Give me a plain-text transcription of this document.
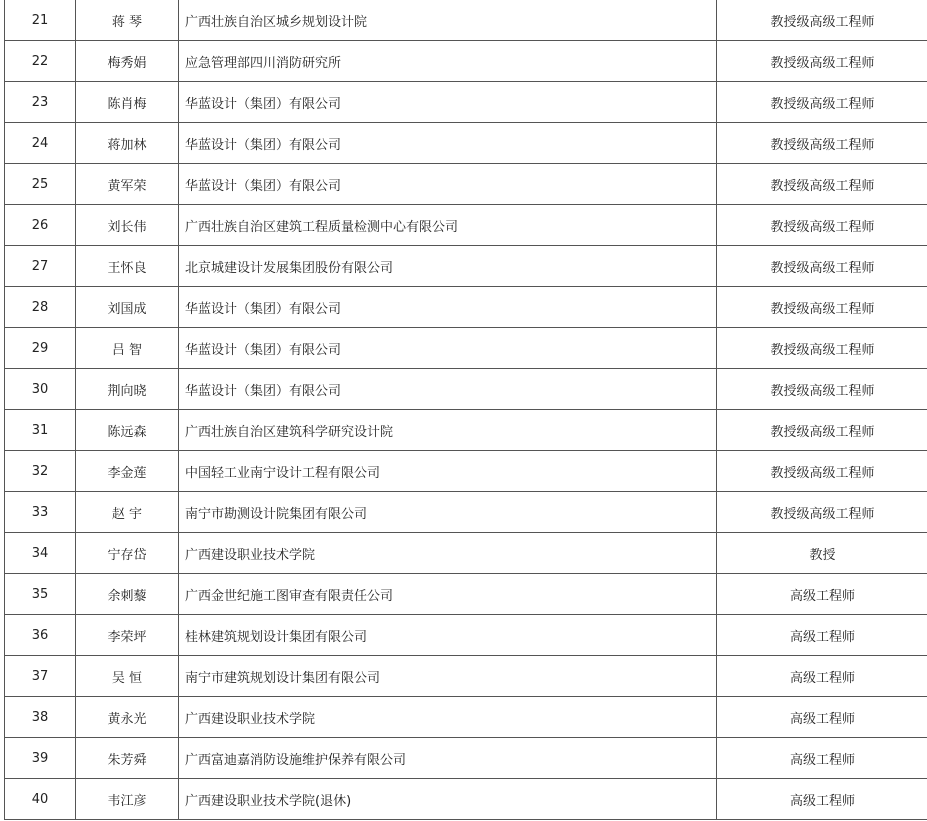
21	蒋 琴	广西壮族自治区城乡规划设计院	教授级高级工程师
22	梅秀娟	应急管理部四川消防研究所	教授级高级工程师
23	陈肖梅	华蓝设计（集团）有限公司	教授级高级工程师
24	蒋加林	华蓝设计（集团）有限公司	教授级高级工程师
25	黄军荣	华蓝设计（集团）有限公司	教授级高级工程师
26	刘长伟	广西壮族自治区建筑工程质量检测中心有限公司	教授级高级工程师
27	王怀良	北京城建设计发展集团股份有限公司	教授级高级工程师
28	刘国成	华蓝设计（集团）有限公司	教授级高级工程师
29	吕 智	华蓝设计（集团）有限公司	教授级高级工程师
30	荆向晓	华蓝设计（集团）有限公司	教授级高级工程师
31	陈远森	广西壮族自治区建筑科学研究设计院	教授级高级工程师
32	李金莲	中国轻工业南宁设计工程有限公司	教授级高级工程师
33	赵 宇	南宁市勘测设计院集团有限公司	教授级高级工程师
34	宁存岱	广西建设职业技术学院	教授
35	余刺藜	广西金世纪施工图审查有限责任公司	高级工程师
36	李荣坪	桂林建筑规划设计集团有限公司	高级工程师
37	吴 恒	南宁市建筑规划设计集团有限公司	高级工程师
38	黄永光	广西建设职业技术学院	高级工程师
39	朱芳舜	广西富迪嘉消防设施维护保养有限公司	高级工程师
40	韦江彦	广西建设职业技术学院(退休)	高级工程师
